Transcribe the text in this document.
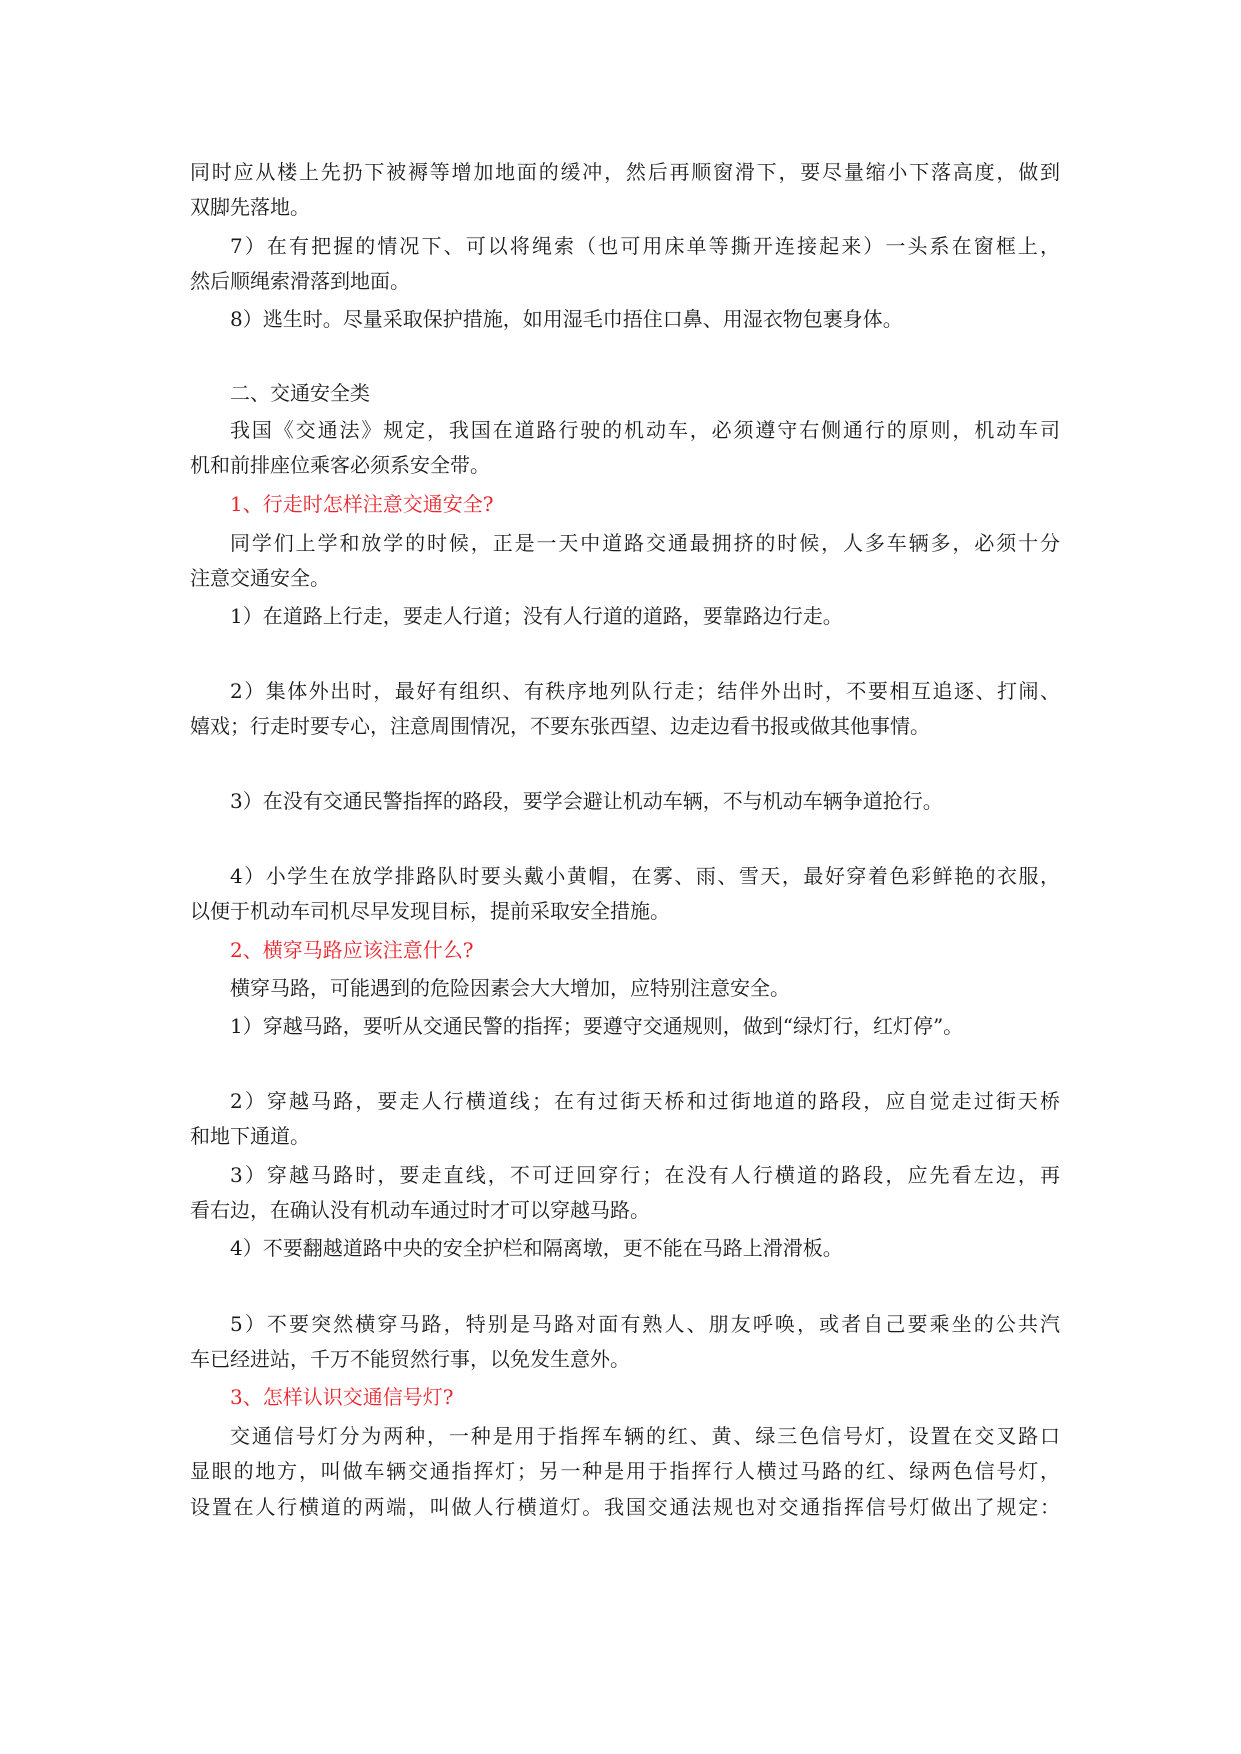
同时应从楼上先扔下被褥等增加地面的缓冲，然后再顺窗滑下，要尽量缩小下落高度，做到
双脚先落地。
7）在有把握的情况下、可以将绳索（也可用床单等撕开连接起来）一头系在窗框上，
然后顺绳索滑落到地面。
8）逃生时。尽量采取保护措施，如用湿毛巾捂住口鼻、用湿衣物包裹身体。
二、交通安全类
我国《交通法》规定，我国在道路行驶的机动车，必须遵守右侧通行的原则，机动车司
机和前排座位乘客必须系安全带。
1、行走时怎样注意交通安全?
同学们上学和放学的时候，正是一天中道路交通最拥挤的时候，人多车辆多，必须十分
注意交通安全。
1）在道路上行走，要走人行道；没有人行道的道路，要靠路边行走。
2）集体外出时，最好有组织、有秩序地列队行走；结伴外出时，不要相互追逐、打闹、
嬉戏；行走时要专心，注意周围情况，不要东张西望、边走边看书报或做其他事情。
3）在没有交通民警指挥的路段，要学会避让机动车辆，不与机动车辆争道抢行。
4）小学生在放学排路队时要头戴小黄帽，在雾、雨、雪天，最好穿着色彩鲜艳的衣服，
以便于机动车司机尽早发现目标，提前采取安全措施。
2、横穿马路应该注意什么?
横穿马路，可能遇到的危险因素会大大增加，应特别注意安全。
1）穿越马路，要听从交通民警的指挥；要遵守交通规则，做到“绿灯行，红灯停”。
2）穿越马路，要走人行横道线；在有过街天桥和过街地道的路段，应自觉走过街天桥
和地下通道。
3）穿越马路时，要走直线，不可迂回穿行；在没有人行横道的路段，应先看左边，再
看右边，在确认没有机动车通过时才可以穿越马路。
4）不要翻越道路中央的安全护栏和隔离墩，更不能在马路上滑滑板。
5）不要突然横穿马路，特别是马路对面有熟人、朋友呼唤，或者自己要乘坐的公共汽
车已经进站，千万不能贸然行事，以免发生意外。
3、怎样认识交通信号灯?
交通信号灯分为两种，一种是用于指挥车辆的红、黄、绿三色信号灯，设置在交叉路口
显眼的地方，叫做车辆交通指挥灯；另一种是用于指挥行人横过马路的红、绿两色信号灯，
设置在人行横道的两端，叫做人行横道灯。我国交通法规也对交通指挥信号灯做出了规定：
